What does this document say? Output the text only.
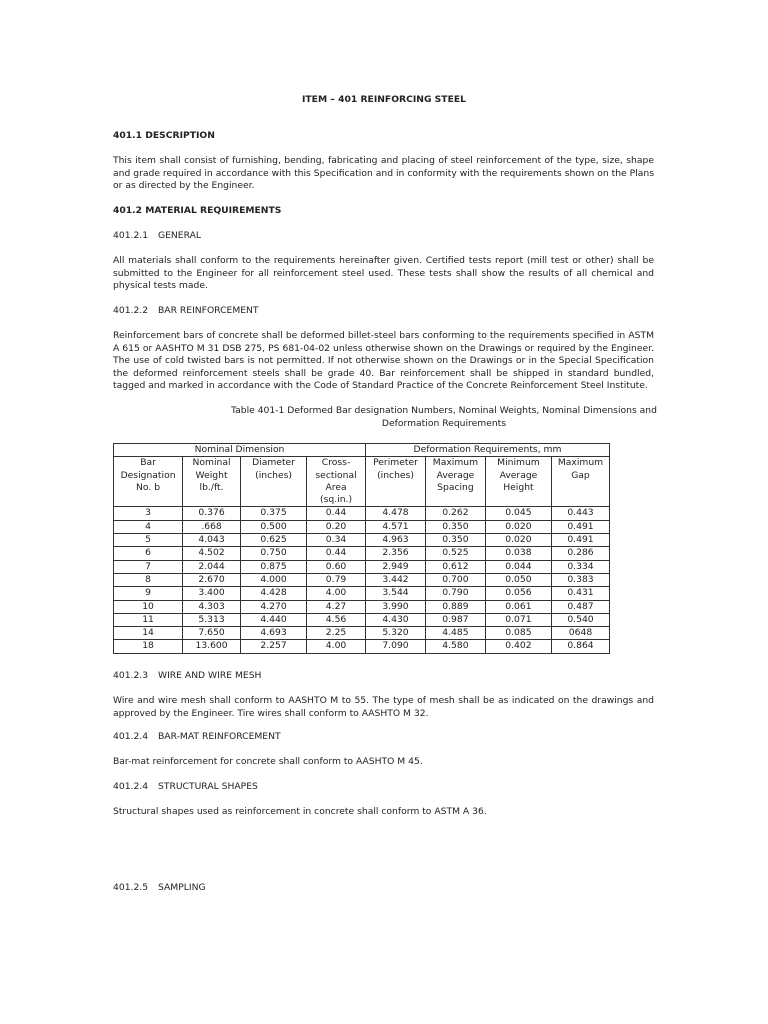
ITEM – 401 REINFORCING STEEL
401.1 DESCRIPTION
This item shall consist of furnishing, bending, fabricating and placing of steel reinforcement of the type, size, shape and grade required in accordance with this Specification and in conformity with the requirements shown on the Plans or as directed by the Engineer.
401.2 MATERIAL REQUIREMENTS
401.2.1 GENERAL
All materials shall conform to the requirements hereinafter given. Certified tests report (mill test or other) shall be submitted to the Engineer for all reinforcement steel used. These tests shall show the results of all chemical and physical tests made.
401.2.2 BAR REINFORCEMENT
Reinforcement bars of concrete shall be deformed billet-steel bars conforming to the requirements specified in ASTM A 615 or AASHTO M 31 DSB 275, PS 681-04-02 unless otherwise shown on the Drawings or required by the Engineer. The use of cold twisted bars is not permitted. If not otherwise shown on the Drawings or in the Special Specification the deformed reinforcement steels shall be grade 40. Bar reinforcement shall be shipped in standard bundled, tagged and marked in accordance with the Code of Standard Practice of the Concrete Reinforcement Steel Institute.
Table 401-1 Deformed Bar designation Numbers, Nominal Weights, Nominal Dimensions and Deformation Requirements
Nominal Dimension				Deformation Requirements, mm			
Bar Designation No. b	Nominal Weight lb./ft.	Diameter (inches)	Cross-sectional Area (sq.in.)	Perimeter (inches)	Maximum Average Spacing	Minimum Average Height	Maximum Gap
3	0.376	0.375	0.44	4.478	0.262	0.045	0.443
4	.668	0.500	0.20	4.571	0.350	0.020	0.491
5	4.043	0.625	0.34	4.963	0.350	0.020	0.491
6	4.502	0.750	0.44	2.356	0.525	0.038	0.286
7	2.044	0.875	0.60	2.949	0.612	0.044	0.334
8	2.670	4.000	0.79	3.442	0.700	0.050	0.383
9	3.400	4.428	4.00	3.544	0.790	0.056	0.431
10	4.303	4.270	4.27	3.990	0.889	0.061	0.487
11	5.313	4.440	4.56	4.430	0.987	0.071	0.540
14	7.650	4.693	2.25	5.320	4.485	0.085	0648
18	13.600	2.257	4.00	7.090	4.580	0.402	0.864
401.2.3 WIRE AND WIRE MESH
Wire and wire mesh shall conform to AASHTO M to 55. The type of mesh shall be as indicated on the drawings and approved by the Engineer. Tire wires shall conform to AASHTO M 32.
401.2.4 BAR-MAT REINFORCEMENT
Bar-mat reinforcement for concrete shall conform to AASHTO M 45.
401.2.4 STRUCTURAL SHAPES
Structural shapes used as reinforcement in concrete shall conform to ASTM A 36.
401.2.5 SAMPLING
